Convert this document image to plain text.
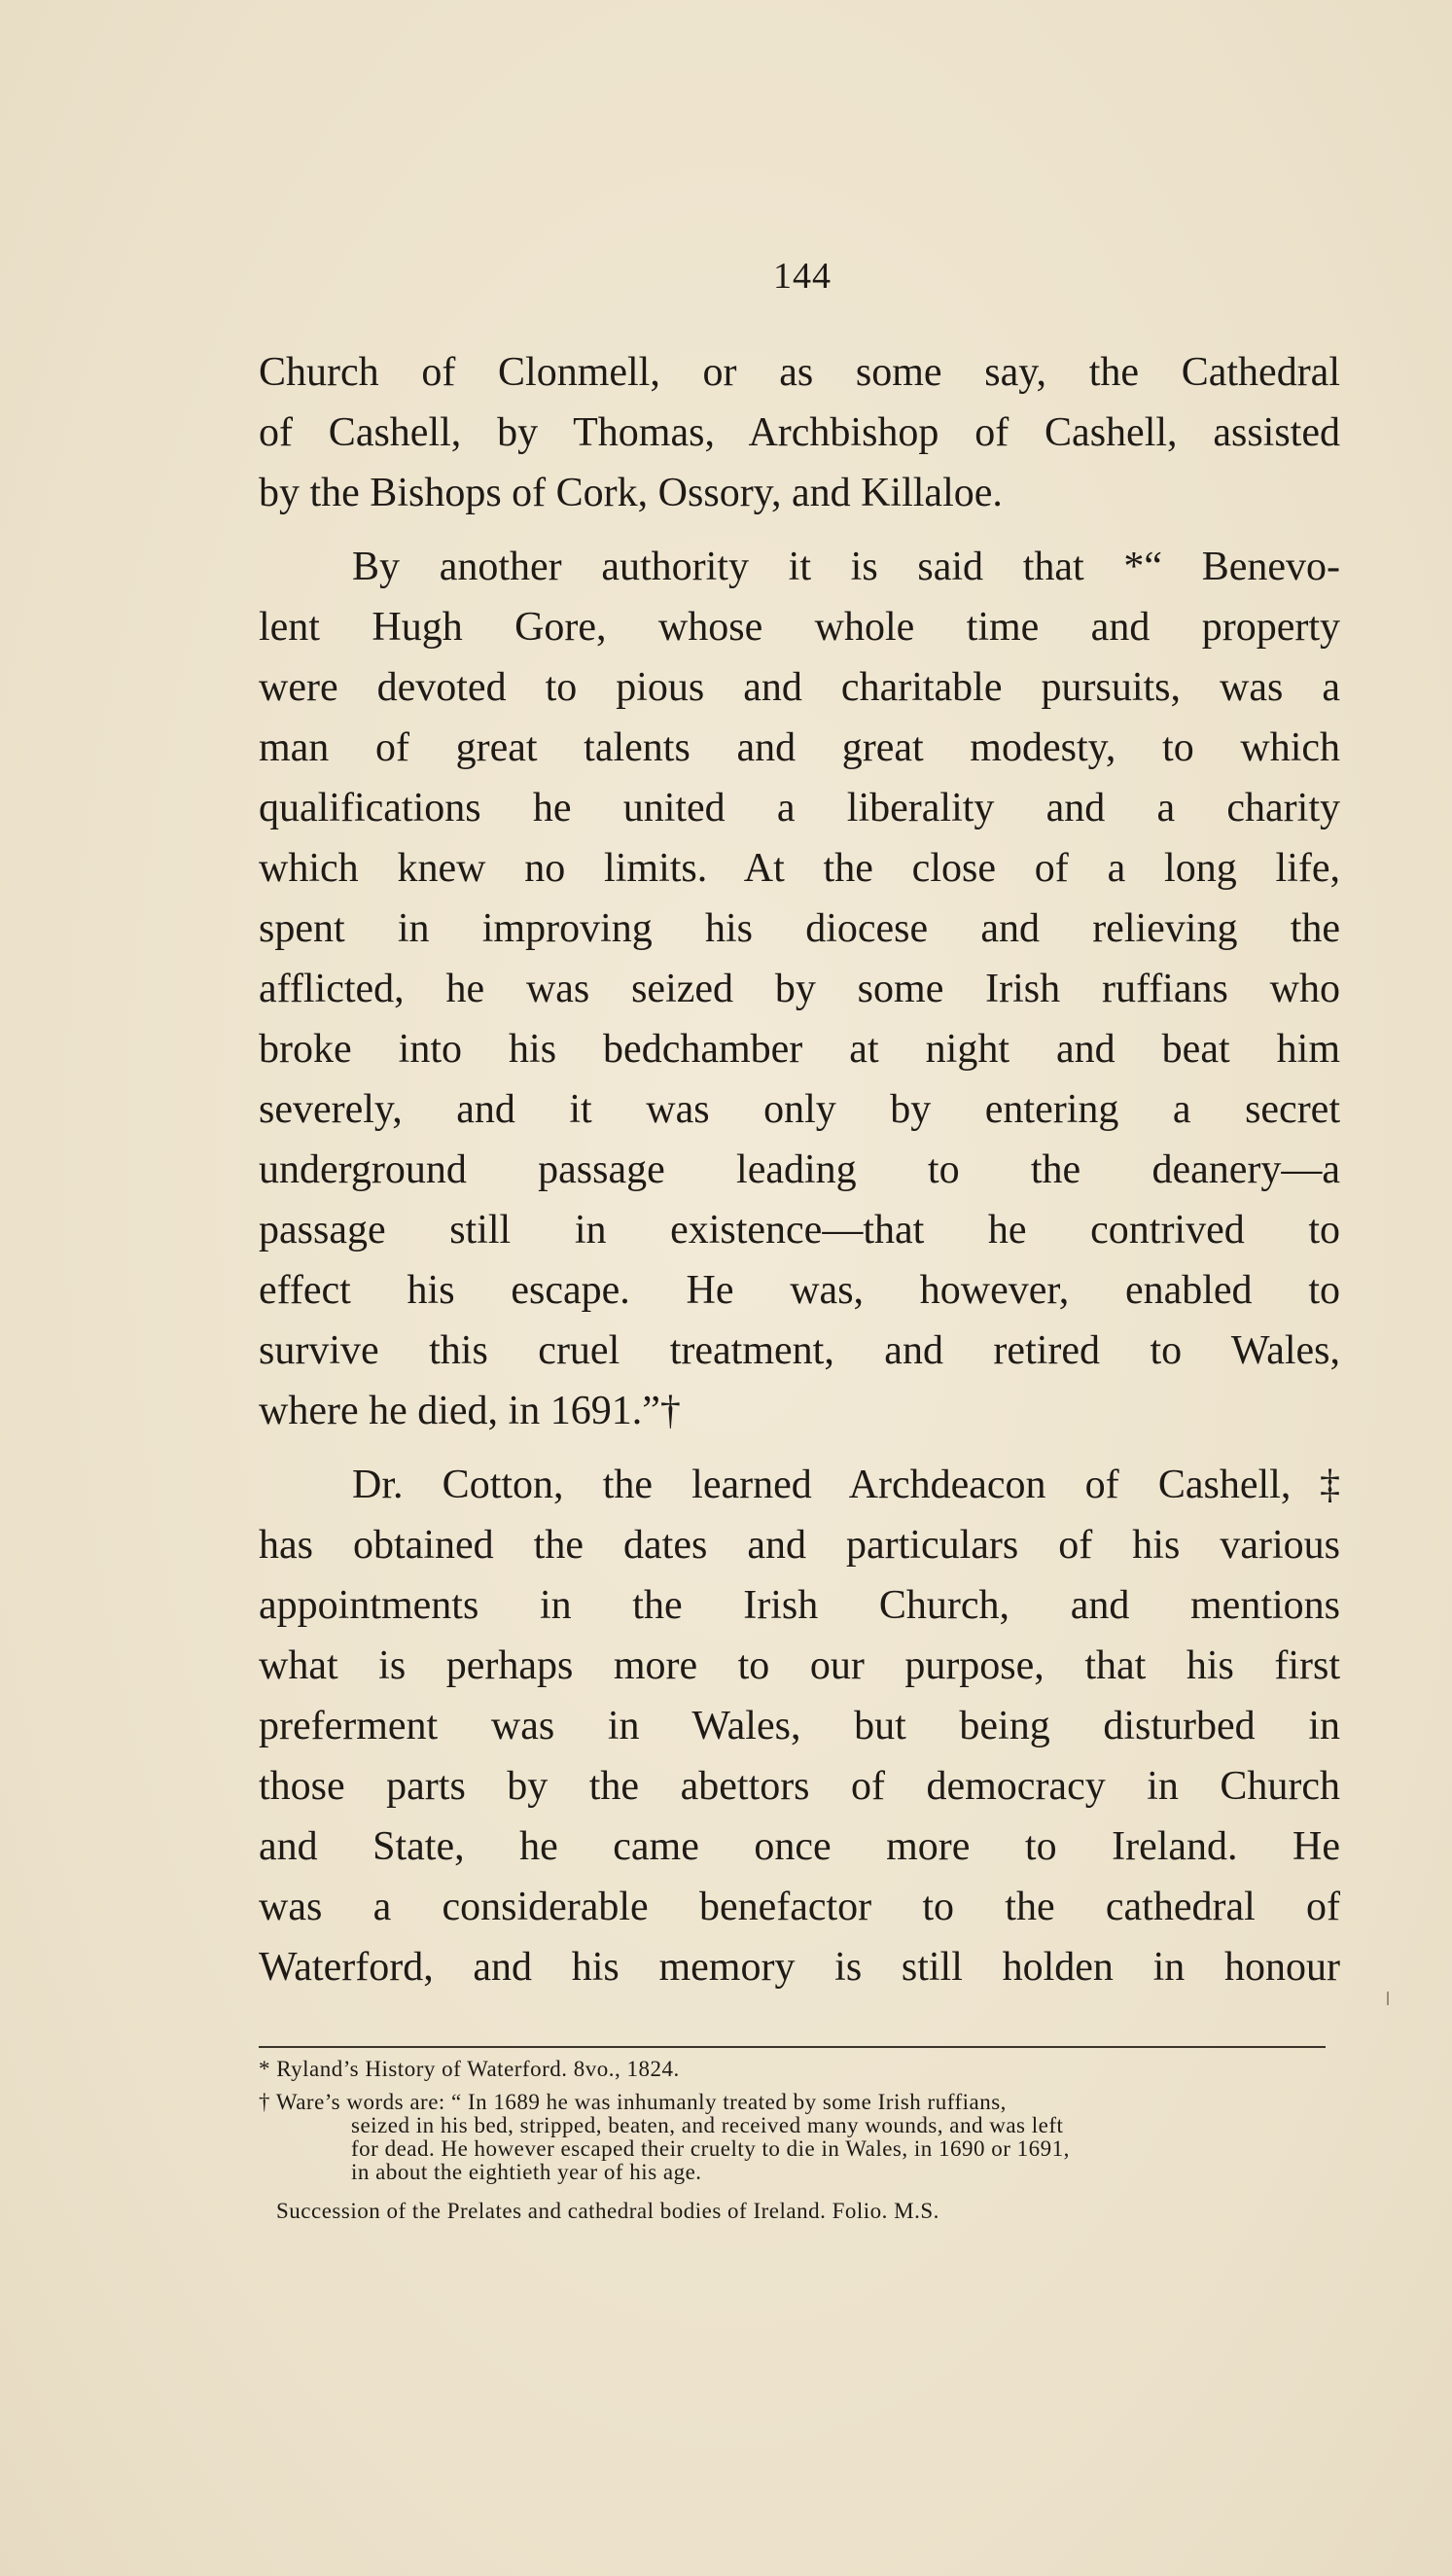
144

Church of Clonmell, or as some say, the Cathedral
of Cashell, by Thomas, Archbishop of Cashell, assisted
by the Bishops of Cork, Ossory, and Killaloe.

By another authority it is said that *“ Benevo-
lent Hugh Gore, whose whole time and property
were devoted to pious and charitable pursuits, was a
man of great talents and great modesty, to which
qualifications he united a liberality and a charity
which knew no limits. At the close of a long life,
spent in improving his diocese and relieving the
afflicted, he was seized by some Irish ruffians who
broke into his bedchamber at night and beat him
severely, and it was only by entering a secret
underground passage leading to the deanery—a
passage still in existence—that he contrived to
effect his escape. He was, however, enabled to
survive this cruel treatment, and retired to Wales,
where he died, in 1691.”†

Dr. Cotton, the learned Archdeacon of Cashell,‡
has obtained the dates and particulars of his various
appointments in the Irish Church, and mentions
what is perhaps more to our purpose, that his first
preferment was in Wales, but being disturbed in
those parts by the abettors of democracy in Church
and State, he came once more to Ireland. He
was a considerable benefactor to the cathedral of
Waterford, and his memory is still holden in honour

* Ryland’s History of Waterford. 8vo., 1824.

† Ware’s words are: “ In 1689 he was inhumanly treated by some Irish ruffians,
seized in his bed, stripped, beaten, and received many wounds, and was left
for dead. He however escaped their cruelty to die in Wales, in 1690 or 1691,
in about the eightieth year of his age.

Succession of the Prelates and cathedral bodies of Ireland. Folio. M.S.
